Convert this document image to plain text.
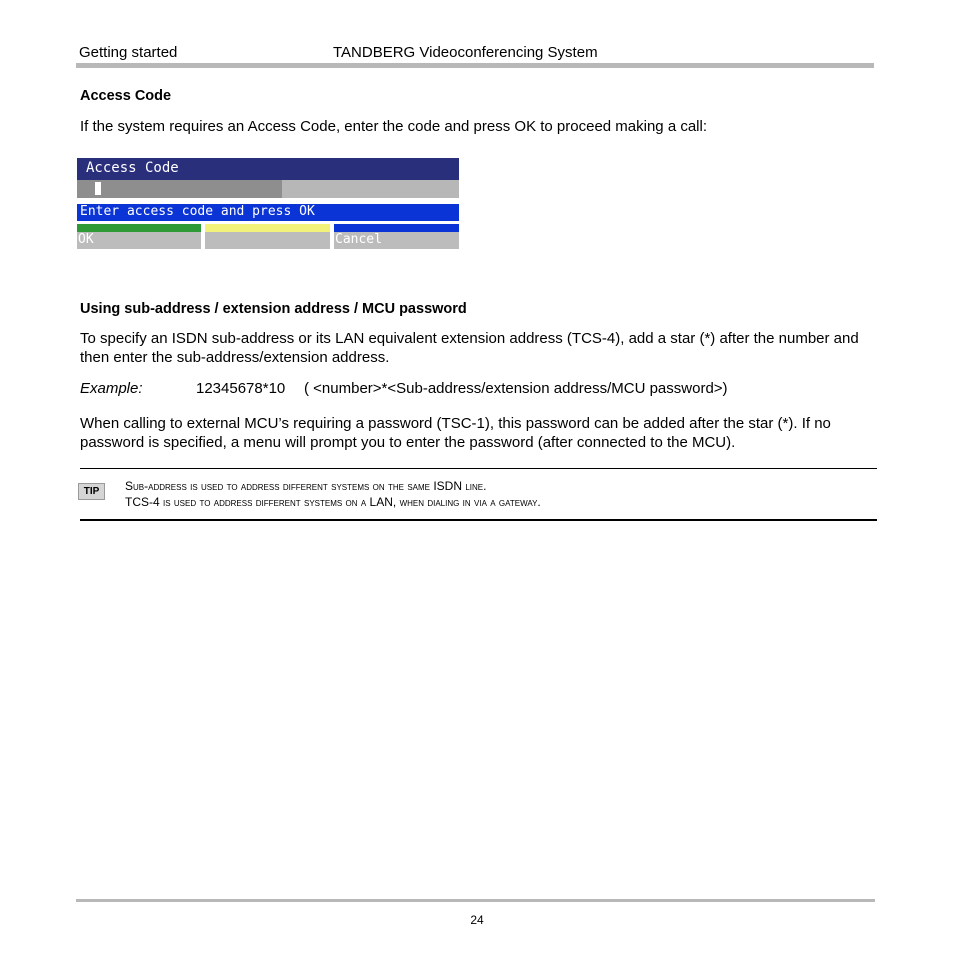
Getting started	TANDBERG Videoconferencing System
Access Code
If the system requires an Access Code, enter the code and press OK to proceed making a call:
Access Code
Enter access code and press OK
OK	Cancel
Using sub-address / extension address / MCU password
To specify an ISDN sub-address or its LAN equivalent extension address (TCS-4), add a star (*) after the number and then enter the sub-address/extension address.
Example:	12345678*10 ( <number>*<Sub-address/extension address/MCU password>)
When calling to external MCU’s requiring a password (TSC-1), this password can be added after the star (*). If no password is specified, a menu will prompt you to enter the password (after connected to the MCU).
TIP	Sub-address is used to address different systems on the same ISDN line.
TCS-4 is used to address different systems on a LAN, when dialing in via a gateway.
24
